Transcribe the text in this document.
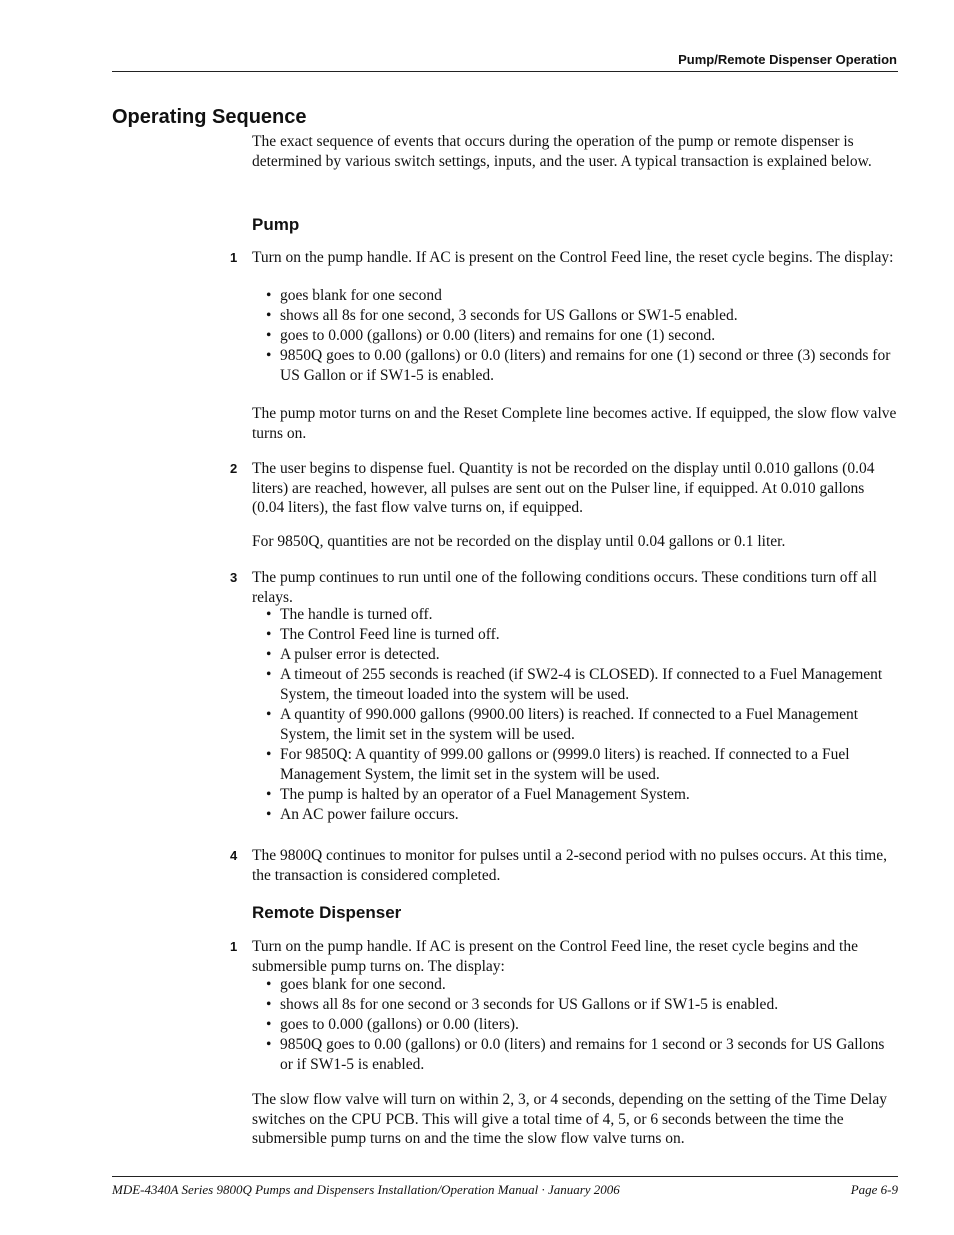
Pump/Remote Dispenser Operation
Operating Sequence

The exact sequence of events that occurs during the operation of the pump or remote dispenser is determined by various switch settings, inputs, and the user. A typical transaction is explained below.

Pump
1 Turn on the pump handle. If AC is present on the Control Feed line, the reset cycle begins. The display:

• goes blank for one second
• shows all 8s for one second, 3 seconds for US Gallons or SW1-5 enabled.
• goes to 0.000 (gallons) or 0.00 (liters) and remains for one (1) second.
• 9850Q goes to 0.00 (gallons) or 0.0 (liters) and remains for one (1) second or three (3) seconds for US Gallon or if SW1-5 is enabled.

The pump motor turns on and the Reset Complete line becomes active. If equipped, the slow flow valve turns on.

2 The user begins to dispense fuel. Quantity is not be recorded on the display until 0.010 gallons (0.04 liters) are reached, however, all pulses are sent out on the Pulser line, if equipped. At 0.010 gallons (0.04 liters), the fast flow valve turns on, if equipped.

For 9850Q, quantities are not be recorded on the display until 0.04 gallons or 0.1 liter.

3 The pump continues to run until one of the following conditions occurs. These conditions turn off all relays.

• The handle is turned off.
• The Control Feed line is turned off.
• A pulser error is detected.
• A timeout of 255 seconds is reached (if SW2-4 is CLOSED). If connected to a Fuel Management System, the timeout loaded into the system will be used.
• A quantity of 990.000 gallons (9900.00 liters) is reached. If connected to a Fuel Management System, the limit set in the system will be used.
• For 9850Q: A quantity of 999.00 gallons or (9999.0 liters) is reached. If connected to a Fuel Management System, the limit set in the system will be used.
• The pump is halted by an operator of a Fuel Management System.
• An AC power failure occurs.
4 The 9800Q continues to monitor for pulses until a 2-second period with no pulses occurs. At this time, the transaction is considered completed.

Remote Dispenser
1 Turn on the pump handle. If AC is present on the Control Feed line, the reset cycle begins and the submersible pump turns on. The display:

• goes blank for one second.
• shows all 8s for one second or 3 seconds for US Gallons or if SW1-5 is enabled.
• goes to 0.000 (gallons) or 0.00 (liters).
• 9850Q goes to 0.00 (gallons) or 0.0 (liters) and remains for 1 second or 3 seconds for US Gallons or if SW1-5 is enabled.

The slow flow valve will turn on within 2, 3, or 4 seconds, depending on the setting of the Time Delay switches on the CPU PCB. This will give a total time of 4, 5, or 6 seconds between the time the submersible pump turns on and the time the slow flow valve turns on.

MDE-4340A Series 9800Q Pumps and Dispensers Installation/Operation Manual · January 2006	Page 6-9
